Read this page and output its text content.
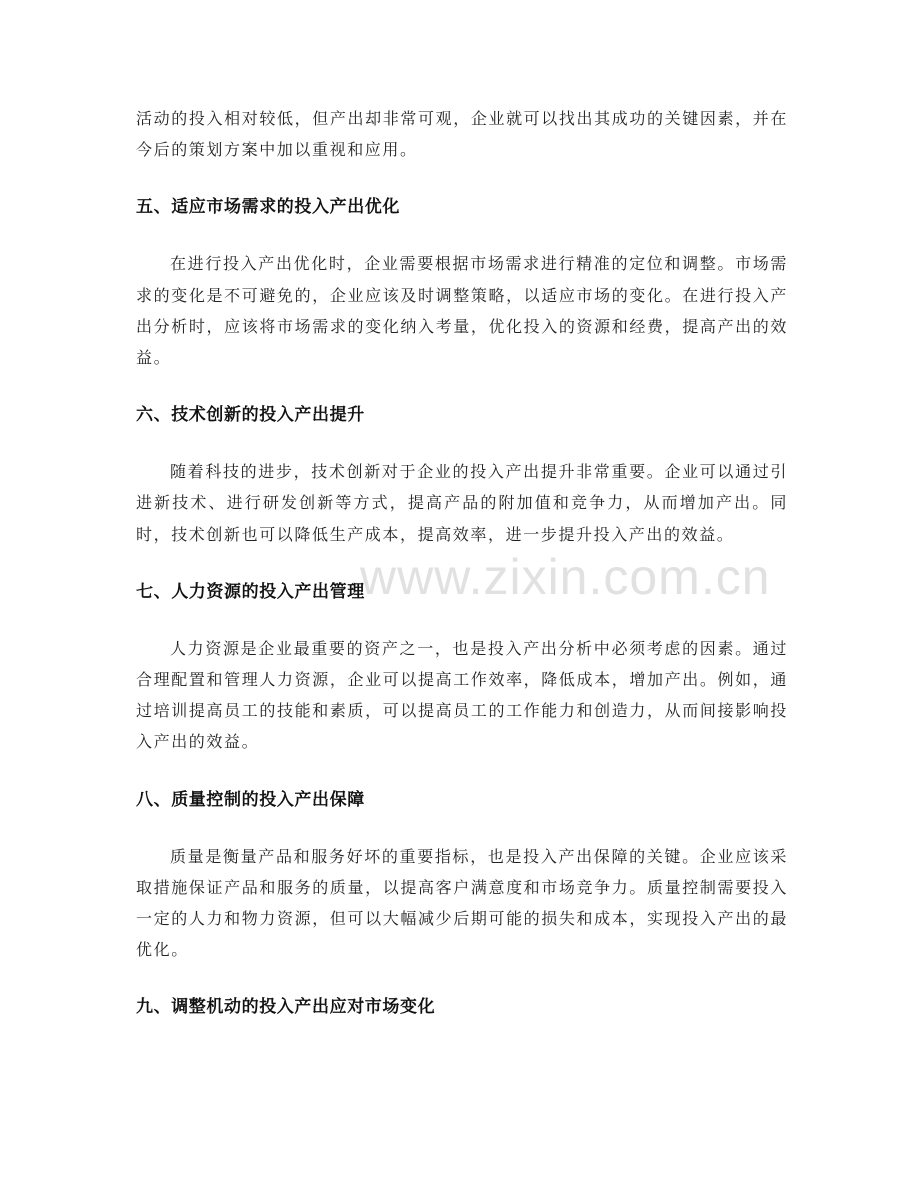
活动的投入相对较低，但产出却非常可观，企业就可以找出其成功的关键因素，并在今后的策划方案中加以重视和应用。

五、适应市场需求的投入产出优化

在进行投入产出优化时，企业需要根据市场需求进行精准的定位和调整。市场需求的变化是不可避免的，企业应该及时调整策略，以适应市场的变化。在进行投入产出分析时，应该将市场需求的变化纳入考量，优化投入的资源和经费，提高产出的效益。

六、技术创新的投入产出提升

随着科技的进步，技术创新对于企业的投入产出提升非常重要。企业可以通过引进新技术、进行研发创新等方式，提高产品的附加值和竞争力，从而增加产出。同时，技术创新也可以降低生产成本，提高效率，进一步提升投入产出的效益。

七、人力资源的投入产出管理

人力资源是企业最重要的资产之一，也是投入产出分析中必须考虑的因素。通过合理配置和管理人力资源，企业可以提高工作效率，降低成本，增加产出。例如，通过培训提高员工的技能和素质，可以提高员工的工作能力和创造力，从而间接影响投入产出的效益。

八、质量控制的投入产出保障

质量是衡量产品和服务好坏的重要指标，也是投入产出保障的关键。企业应该采取措施保证产品和服务的质量，以提高客户满意度和市场竞争力。质量控制需要投入一定的人力和物力资源，但可以大幅减少后期可能的损失和成本，实现投入产出的最优化。

九、调整机动的投入产出应对市场变化
www.zixin.com.cn
